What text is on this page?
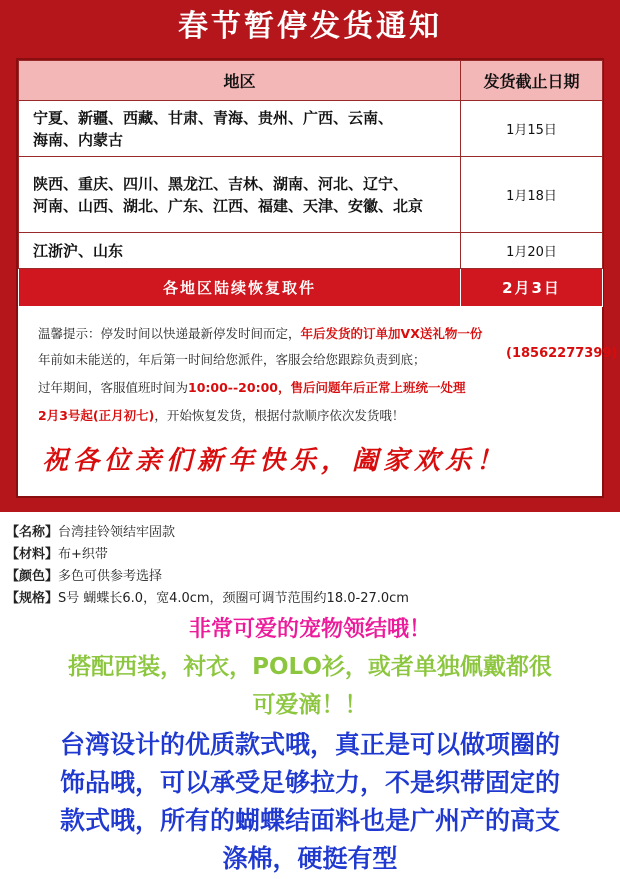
春节暂停发货通知
地区	发货截止日期

宁夏、新疆、西藏、甘肃、青海、贵州、广西、云南、
海南、内蒙古	1月15日

陕西、重庆、四川、黑龙江、吉林、湖南、河北、辽宁、
河南、山西、湖北、广东、江西、福建、天津、安徽、北京	1月18日
江浙沪、山东	1月20日
各地区陆续恢复取件	2月3日
温馨提示：停发时间以快递最新停发时间而定，年后发货的订单加VX送礼物一份
年前如未能送的，年后第一时间给您派件，客服会给您跟踪负责到底；	(18562277399)
过年期间，客服值班时间为10:00--20:00，售后问题年后正常上班统一处理
2月3号起(正月初七)，开始恢复发货，根据付款顺序依次发货哦！
祝各位亲们新年快乐，阖家欢乐！
【名称】台湾挂铃领结牢固款
【材料】布+织带
【颜色】多色可供参考选择
【规格】S号 蝴蝶长6.0，宽4.0cm，颈圈可调节范围约18.0-27.0cm
非常可爱的宠物领结哦！
搭配西装，衬衣，POLO衫，或者单独佩戴都很
可爱滴！！
台湾设计的优质款式哦，真正是可以做项圈的
饰品哦，可以承受足够拉力，不是织带固定的
款式哦，所有的蝴蝶结面料也是广州产的高支
涤棉，硬挺有型
